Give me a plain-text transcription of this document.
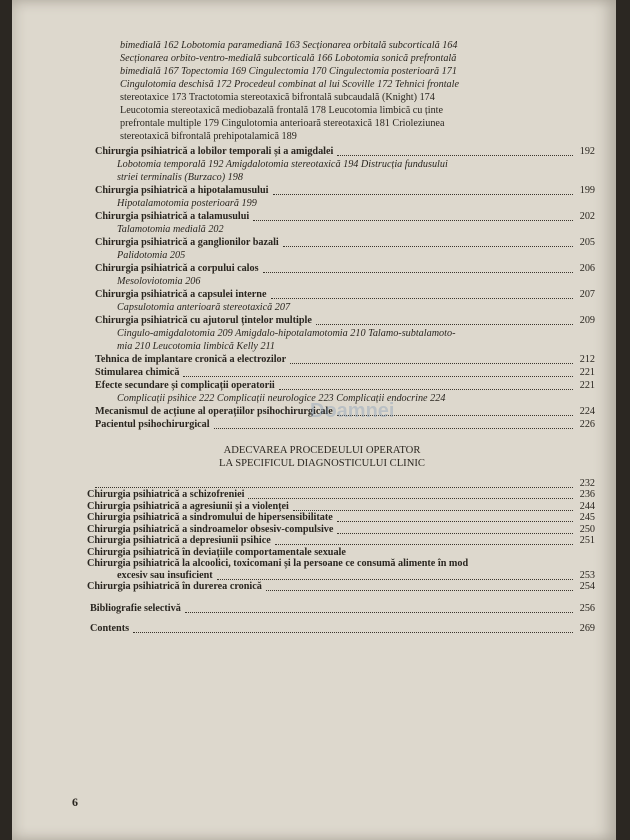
bimedială 162 Lobotomia paramediană 163 Secționarea orbitală subcorticală 164
Secționarea orbito-ventro-medială subcorticală 166 Lobotomia sonică prefrontală
bimedială 167 Topectomia 169 Cingulectomia 170 Cingulectomia posterioară 171
Cingulotomia deschisă 172 Procedeul combinat al lui Scoville 172 Tehnici frontale
stereotaxice 173 Tractotomia stereotaxică bifrontală subcaudală (Knight) 174
Leucotomia stereotaxică mediobazală frontală 178 Leucotomia limbică cu ținte
prefrontale multiple 179 Cingulotomia anterioară stereotaxică 181 Crioleziunea
stereotaxică bifrontală prehipotalamică 189
Chirurgia psihiatrică a lobilor temporali și a amigdalei	192
Lobotomia temporală 192 Amigdalotomia stereotaxică 194 Distrucția fundusului
striei terminalis (Burzaco) 198
Chirurgia psihiatrică a hipotalamusului	199
Hipotalamotomia posterioară 199
Chirurgia psihiatrică a talamusului	202
Talamotomia medială 202
Chirurgia psihiatrică a ganglionilor bazali	205
Palidotomia 205
Chirurgia psihiatrică a corpului calos	206
Mesoloviotomia 206
Chirurgia psihiatrică a capsulei interne	207
Capsulotomia anterioară stereotaxică 207
Chirurgia psihiatrică cu ajutorul țintelor multiple	209
Cingulo-amigdalotomia 209 Amigdalo-hipotalamotomia 210 Talamo-subtalamoto-
mia 210 Leucotomia limbică Kelly 211
Tehnica de implantare cronică a electrozilor	212
Stimularea chimică	221
Efecte secundare și complicații operatorii	221
Complicații psihice 222 Complicații neurologice 223 Complicații endocrine 224
Mecanismul de acțiune al operațiilor psihochirurgicale	224
Pacientul psihochirurgical	226
ADECVAREA PROCEDEULUI OPERATOR
LA SPECIFICUL DIAGNOSTICULUI CLINIC
232
Chirurgia psihiatrică a schizofreniei	236
Chirurgia psihiatrică a agresiunii și a violenței	244
Chirurgia psihiatrică a sindromului de hipersensibilitate	245
Chirurgia psihiatrică a sindroamelor obsesiv-compulsive	250
Chirurgia psihiatrică a depresiunii psihice	251
Chirurgia psihiatrică în deviațiile comportamentale sexuale
Chirurgia psihiatrică la alcoolici, toxicomani și la persoane ce consumă alimente în mod
excesiv sau insuficient	253
Chirurgia psihiatrică în durerea cronică	254
Bibliografie selectivă	256
Contents	269
Doamnei
6
